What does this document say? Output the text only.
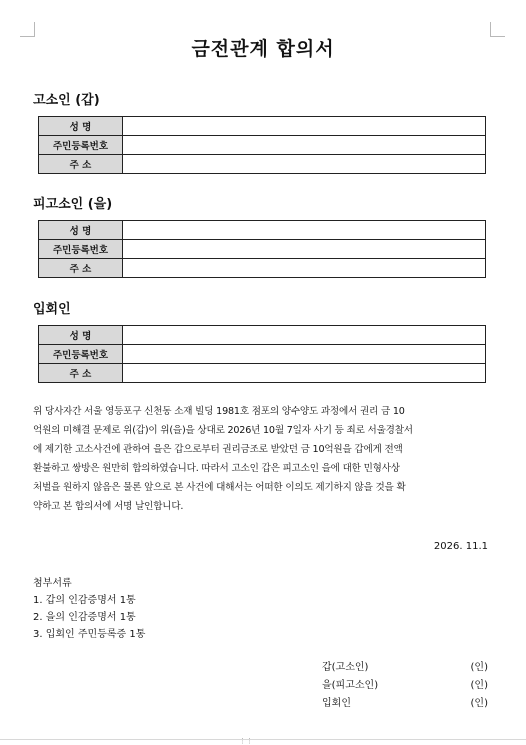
금전관계 합의서
고소인 (갑)
성 명	
주민등록번호	
주 소	
피고소인 (을)
성 명	
주민등록번호	
주 소	
입회인
성 명	
주민등록번호	
주 소	
위 당사자간 서울 영등포구 신천동 소재 빌딩 1981호 점포의 양수양도 과정에서 권리 금 10
억원의 미해결 문제로 위(갑)이 위(을)을 상대로 2026년 10월 7일자 사기 등 죄로 서울경찰서
에 제기한 고소사건에 관하여 을은 갑으로부터 권리금조로 받았던 금 10억원을 갑에게 전액
환불하고 쌍방은 원만히 합의하였습니다. 따라서 고소인 갑은 피고소인 을에 대한 민형사상
처벌을 원하지 않음은 물론 앞으로 본 사건에 대해서는 어떠한 이의도 제기하지 않을 것을 확
약하고 본 합의서에 서명 날인합니다.
2026. 11.1
첨부서류
1. 갑의 인감증명서 1통
2. 을의 인감증명서 1통
3. 입회인 주민등록증 1통
갑(고소인)	(인)
을(피고소인)	(인)
입회인	(인)
⋮⋮
